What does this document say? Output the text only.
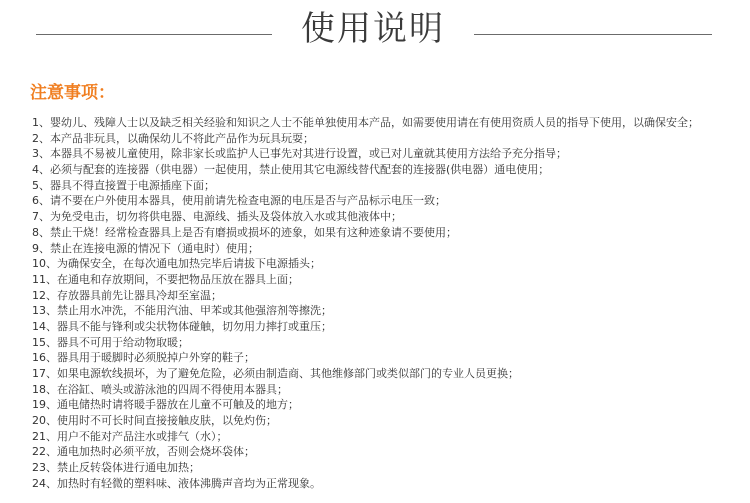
使用说明
注意事项：
1、婴幼儿、残障人士以及缺乏相关经验和知识之人士不能单独使用本产品，如需要使用请在有使用资质人员的指导下使用，以确保安全；
2、本产品非玩具，以确保幼儿不将此产品作为玩具玩耍；
3、本器具不易被儿童使用，除非家长或监护人已事先对其进行设置，或已对儿童就其使用方法给予充分指导；
4、必须与配套的连接器（供电器）一起使用，禁止使用其它电源线替代配套的连接器(供电器）通电使用；
5、器具不得直接置于电源插座下面；
6、请不要在户外使用本器具，使用前请先检查电源的电压是否与产品标示电压一致；
7、为免受电击，切勿将供电器、电源线、插头及袋体放入水或其他液体中；
8、禁止干烧！经常检查器具上是否有磨损或损坏的迹象，如果有这种迹象请不要使用；
9、禁止在连接电源的情况下（通电时）使用；
10、为确保安全，在每次通电加热完毕后请拔下电源插头；
11、在通电和存放期间，不要把物品压放在器具上面；
12、存放器具前先让器具冷却至室温；
13、禁止用水冲洗，不能用汽油、甲苯或其他强溶剂等擦洗；
14、器具不能与锋利或尖状物体碰触，切勿用力摔打或重压；
15、器具不可用于给动物取暖；
16、器具用于暖脚时必须脱掉户外穿的鞋子；
17、如果电源软线损坏，为了避免危险，必须由制造商、其他维修部门或类似部门的专业人员更换；
18、在浴缸、喷头或游泳池的四周不得使用本器具；
19、通电储热时请将暖手器放在儿童不可触及的地方；
20、使用时不可长时间直接接触皮肤，以免灼伤；
21、用户不能对产品注水或排气（水）；
22、通电加热时必须平放，否则会烧坏袋体；
23、禁止反转袋体进行通电加热；
24、加热时有轻微的塑料味、液体沸腾声音均为正常现象。
